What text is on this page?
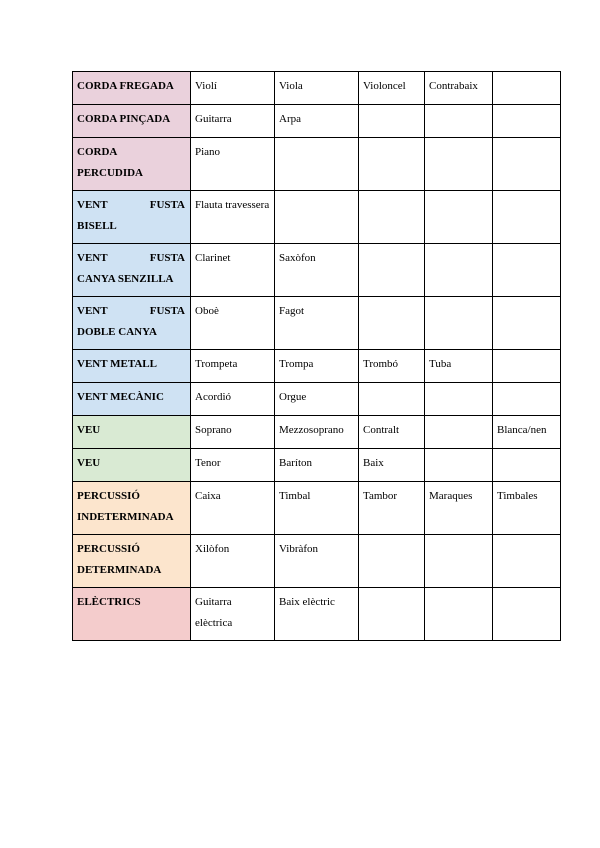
CORDA FREGADA	Violí	Viola	Violoncel	Contrabaix	

CORDA PINÇADA	Guitarra	Arpa			

CORDA PERCUDIDA	Piano				

VENT FUSTA BISELL	Flauta travessera				

VENT FUSTA CANYA SENZILLA	Clarinet	Saxòfon			

VENT FUSTA DOBLE CANYA	Oboè	Fagot			

VENT METALL	Trompeta	Trompa	Trombó	Tuba	

VENT MECÀNIC	Acordió	Orgue			

VEU	Soprano	Mezzosoprano	Contralt		Blanca/nen

VEU	Tenor	Baríton	Baix		

PERCUSSIÓ INDETERMINADA	Caixa	Timbal	Tambor	Maraques	Timbales

PERCUSSIÓ DETERMINADA	Xilòfon	Vibràfon			

ELÈCTRICS	Guitarra elèctrica	Baix elèctric			
